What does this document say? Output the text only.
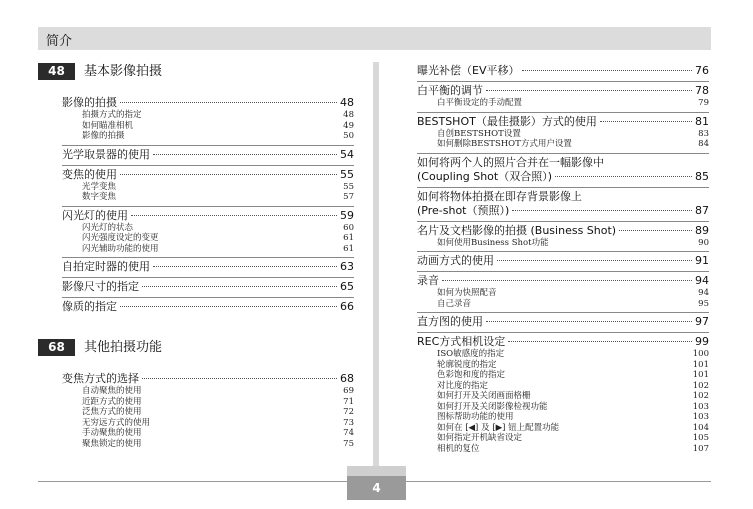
简介
48	基本影像拍摄
影像的拍摄	48
拍摄方式的指定	48
如何瞄准相机	49
影像的拍摄	50
光学取景器的使用	54
变焦的使用	55
光学变焦	55
数字变焦	57
闪光灯的使用	59
闪光灯的状态	60
闪光强度设定的变更	61
闪光辅助功能的使用	61
自拍定时器的使用	63
影像尺寸的指定	65
像质的指定	66
68	其他拍摄功能
变焦方式的选择	68
自动聚焦的使用	69
近距方式的使用	71
泛焦方式的使用	72
无穷远方式的使用	73
手动聚焦的使用	74
聚焦锁定的使用	75
曝光补偿（EV平移）	76
白平衡的调节	78
白平衡设定的手动配置	79
BESTSHOT（最佳摄影）方式的使用	81
自创BESTSHOT设置	83
如何删除BESTSHOT方式用户设置	84
如何将两个人的照片合并在一幅影像中
(Coupling Shot（双合照）)	85
如何将物体拍摄在即存背景影像上
(Pre-shot（预照）)	87
名片及文档影像的拍摄 (Business Shot)	89
如何使用Business Shot功能	90
动画方式的使用	91
录音	94
如何为快照配音	94
自己录音	95
直方图的使用	97
REC方式相机设定	99
ISO敏感度的指定	100
轮廓锐度的指定	101
色彩饱和度的指定	101
对比度的指定	102
如何打开及关闭画面格栅	102
如何打开及关闭影像检视功能	103
图标帮助功能的使用	103
如何在 [◀] 及 [▶] 钮上配置功能	104
如何指定开机缺省设定	105
相机的复位	107
4
